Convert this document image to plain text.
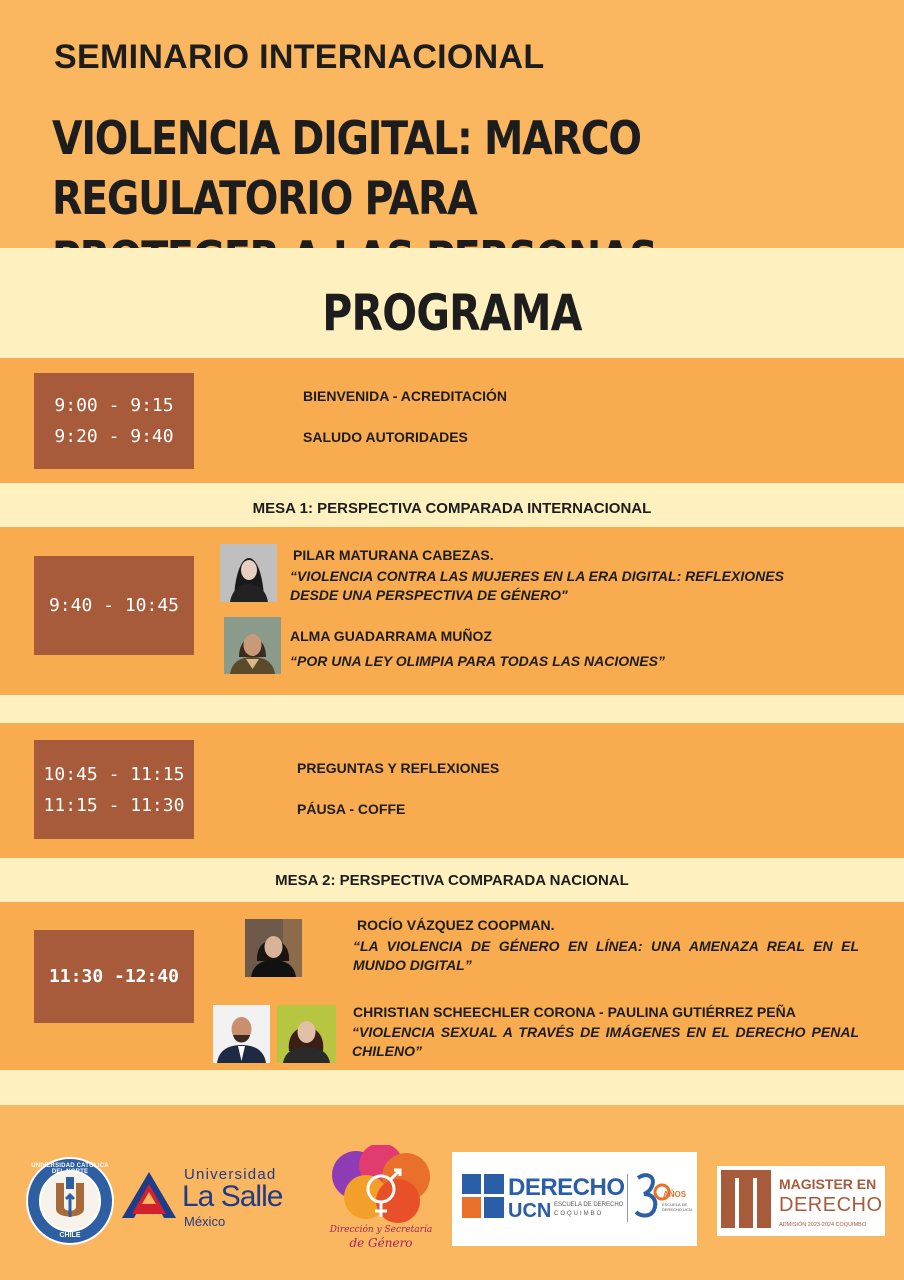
SEMINARIO INTERNACIONAL
VIOLENCIA DIGITAL: MARCO REGULATORIO PARA
PROGRAMA
9:00 - 9:15
9:20 - 9:40
BIENVENIDA - ACREDITACIÓN
SALUDO AUTORIDADES
MESA 1: PERSPECTIVA COMPARADA INTERNACIONAL
9:40 - 10:45
PILAR MATURANA CABEZAS.
“VIOLENCIA CONTRA LAS MUJERES EN LA ERA DIGITAL: REFLEXIONES DESDE UNA PERSPECTIVA DE GÉNERO"
ALMA GUADARRAMA MUÑOZ
“POR UNA LEY OLIMPIA PARA TODAS LAS NACIONES”
10:45 - 11:15
11:15 - 11:30
PREGUNTAS Y REFLEXIONES
PÁUSA - COFFE
MESA 2: PERSPECTIVA COMPARADA NACIONAL
11:30 -12:40
ROCÍO VÁZQUEZ COOPMAN.
“LA VIOLENCIA DE GÉNERO EN LÍNEA: UNA AMENAZA REAL EN EL MUNDO DIGITAL”
CHRISTIAN SCHEECHLER CORONA - PAULINA GUTIÉRREZ PEÑA
“VIOLENCIA SEXUAL A TRAVÉS DE IMÁGENES EN EL DERECHO PENAL CHILENO”
UNIVERSIDAD CATÓLICA DEL NORTE
CHILE
Universidad
La Salle
México
Dirección y Secretaría
de Género
DERECHO
UCN ESCUELA DE DERECHO
COQUIMBO
AÑOS
ESCUELA DE DERECHO UCN
MAGISTER EN
DERECHO
ADMISIÓN 2023-2024 COQUIMBO
